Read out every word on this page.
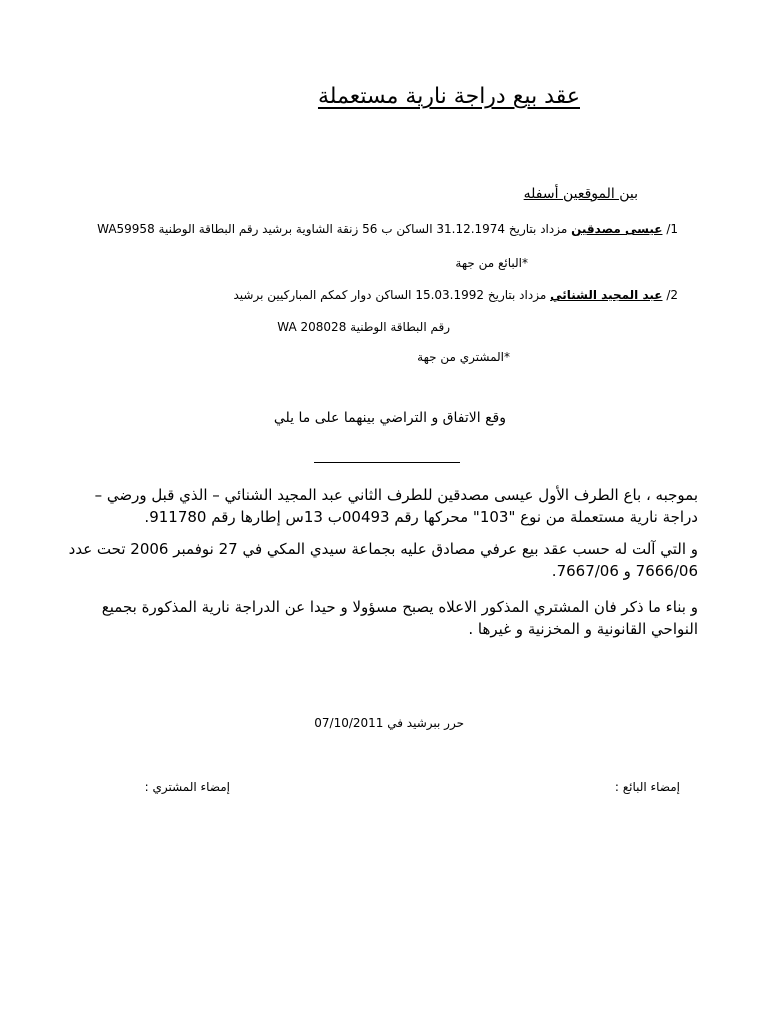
عقد بيع دراجة نارية مستعملة
بين الموقعين أسفله
1/ عيسى مصدقين مزداد بتاريخ 31.12.1974 الساكن ب 56 زنقة الشاوية برشيد رقم البطاقة الوطنية WA59958
*البائع من جهة
2/ عبد المجيد الشنائي مزداد بتاريخ 15.03.1992 الساكن دوار كمكم المباركيين برشيد
رقم البطاقة الوطنية WA 208028
*المشتري من جهة
وقع الاتفاق و التراضي بينهما على ما يلي
بموجبه ، باع الطرف الأول عيسى مصدقين للطرف الثاني عبد المجيد الشنائي – الذي قبل ورضي –
دراجة نارية مستعملة من نوع "103" محركها رقم 00493ب 13س إطارها رقم 911780.
و التي آلت له حسب عقد بيع عرفي مصادق عليه بجماعة سيدي المكي في 27 نوفمبر 2006 تحت عدد
7666/06 و 7667/06.
و بناء ما ذكر فان المشتري المذكور الاعلاه يصبح مسؤولا و حيدا عن الدراجة نارية المذكورة بجميع
النواحي القانونية و المخزنية و غيرها .
حرر ببرشيد في 07/10/2011
إمضاء البائع :
إمضاء المشتري :
